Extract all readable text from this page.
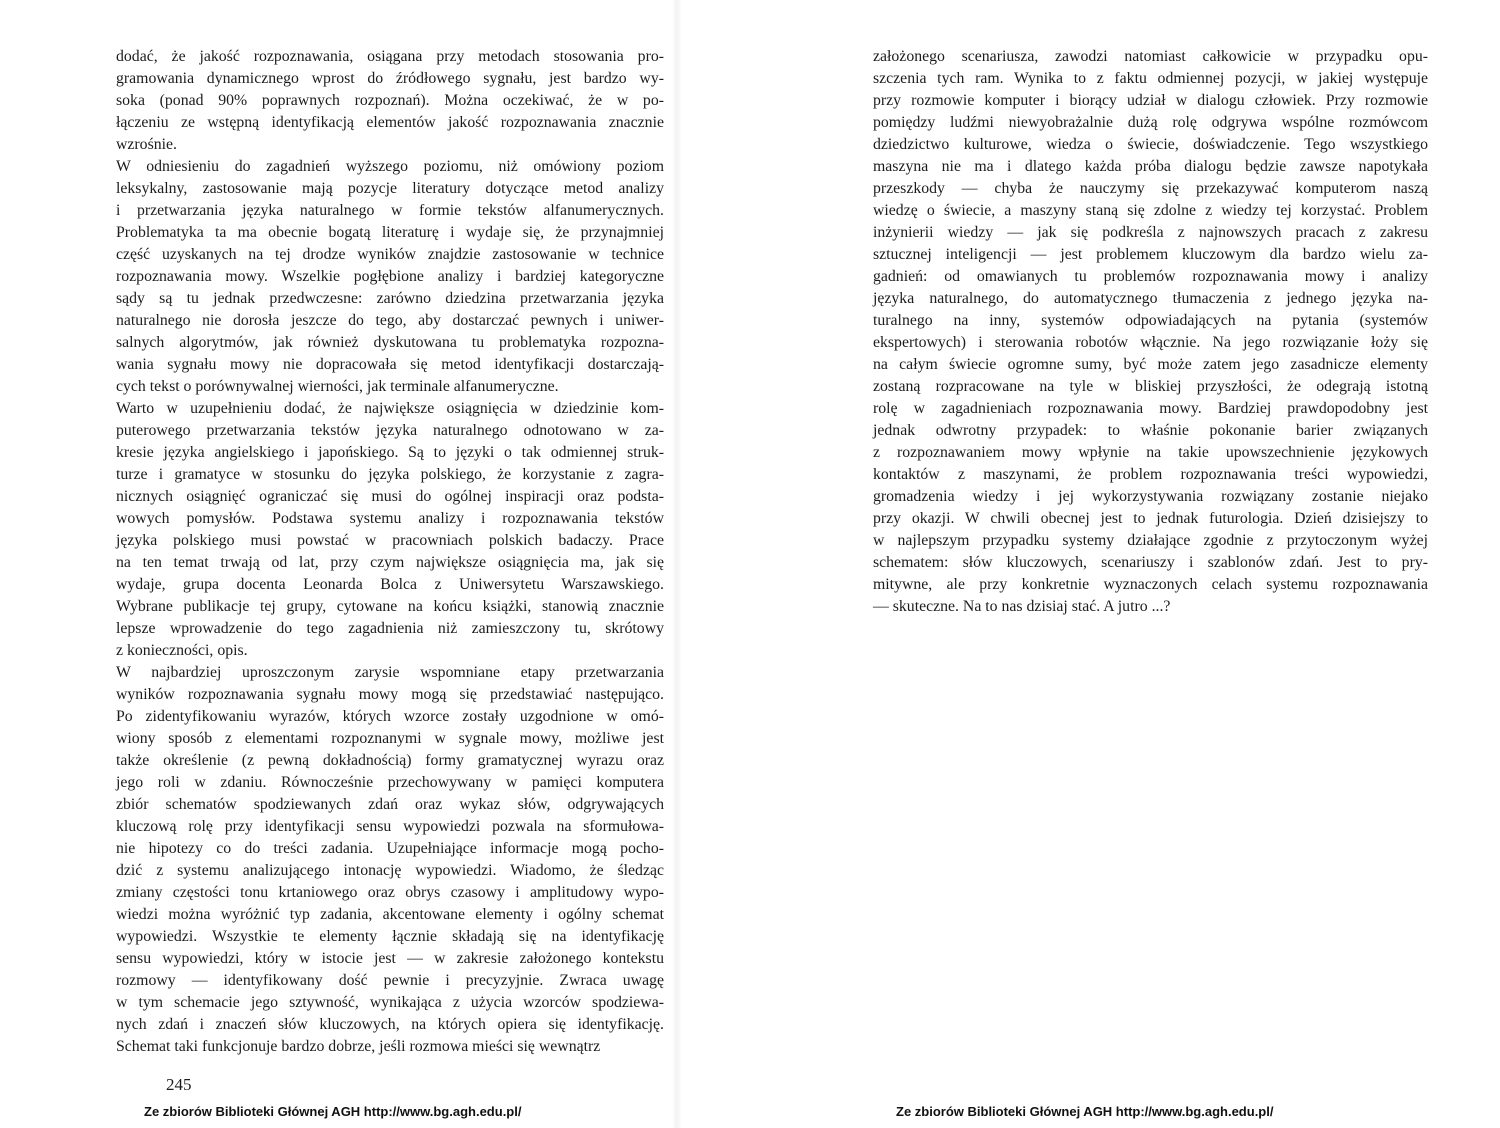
dodać, że jakość rozpoznawania, osiągana przy metodach stosowania pro-
gramowania dynamicznego wprost do źródłowego sygnału, jest bardzo wy-
soka (ponad 90% poprawnych rozpoznań). Można oczekiwać, że w po-
łączeniu ze wstępną identyfikacją elementów jakość rozpoznawania znacznie
wzrośnie.
W odniesieniu do zagadnień wyższego poziomu, niż omówiony poziom
leksykalny, zastosowanie mają pozycje literatury dotyczące metod analizy
i przetwarzania języka naturalnego w formie tekstów alfanumerycznych.
Problematyka ta ma obecnie bogatą literaturę i wydaje się, że przynajmniej
część uzyskanych na tej drodze wyników znajdzie zastosowanie w technice
rozpoznawania mowy. Wszelkie pogłębione analizy i bardziej kategoryczne
sądy są tu jednak przedwczesne: zarówno dziedzina przetwarzania języka
naturalnego nie dorosła jeszcze do tego, aby dostarczać pewnych i uniwer-
salnych algorytmów, jak również dyskutowana tu problematyka rozpozna-
wania sygnału mowy nie dopracowała się metod identyfikacji dostarczają-
cych tekst o porównywalnej wierności, jak terminale alfanumeryczne.
Warto w uzupełnieniu dodać, że największe osiągnięcia w dziedzinie kom-
puterowego przetwarzania tekstów języka naturalnego odnotowano w za-
kresie języka angielskiego i japońskiego. Są to języki o tak odmiennej struk-
turze i gramatyce w stosunku do języka polskiego, że korzystanie z zagra-
nicznych osiągnięć ograniczać się musi do ogólnej inspiracji oraz podsta-
wowych pomysłów. Podstawa systemu analizy i rozpoznawania tekstów
języka polskiego musi powstać w pracowniach polskich badaczy. Prace
na ten temat trwają od lat, przy czym największe osiągnięcia ma, jak się
wydaje, grupa docenta Leonarda Bolca z Uniwersytetu Warszawskiego.
Wybrane publikacje tej grupy, cytowane na końcu książki, stanowią znacznie
lepsze wprowadzenie do tego zagadnienia niż zamieszczony tu, skrótowy
z konieczności, opis.
W najbardziej uproszczonym zarysie wspomniane etapy przetwarzania
wyników rozpoznawania sygnału mowy mogą się przedstawiać następująco.
Po zidentyfikowaniu wyrazów, których wzorce zostały uzgodnione w omó-
wiony sposób z elementami rozpoznanymi w sygnale mowy, możliwe jest
także określenie (z pewną dokładnością) formy gramatycznej wyrazu oraz
jego roli w zdaniu. Równocześnie przechowywany w pamięci komputera
zbiór schematów spodziewanych zdań oraz wykaz słów, odgrywających
kluczową rolę przy identyfikacji sensu wypowiedzi pozwala na sformułowa-
nie hipotezy co do treści zadania. Uzupełniające informacje mogą pocho-
dzić z systemu analizującego intonację wypowiedzi. Wiadomo, że śledząc
zmiany częstości tonu krtaniowego oraz obrys czasowy i amplitudowy wypo-
wiedzi można wyróżnić typ zadania, akcentowane elementy i ogólny schemat
wypowiedzi. Wszystkie te elementy łącznie składają się na identyfikację
sensu wypowiedzi, który w istocie jest — w zakresie założonego kontekstu
rozmowy — identyfikowany dość pewnie i precyzyjnie. Zwraca uwagę
w tym schemacie jego sztywność, wynikająca z użycia wzorców spodziewa-
nych zdań i znaczeń słów kluczowych, na których opiera się identyfikację.
Schemat taki funkcjonuje bardzo dobrze, jeśli rozmowa mieści się wewnątrz
245
Ze zbiorów Biblioteki Głównej AGH http://www.bg.agh.edu.pl/
założonego scenariusza, zawodzi natomiast całkowicie w przypadku opu-
szczenia tych ram. Wynika to z faktu odmiennej pozycji, w jakiej występuje
przy rozmowie komputer i biorący udział w dialogu człowiek. Przy rozmowie
pomiędzy ludźmi niewyobrażalnie dużą rolę odgrywa wspólne rozmówcom
dziedzictwo kulturowe, wiedza o świecie, doświadczenie. Tego wszystkiego
maszyna nie ma i dlatego każda próba dialogu będzie zawsze napotykała
przeszkody — chyba że nauczymy się przekazywać komputerom naszą
wiedzę o świecie, a maszyny staną się zdolne z wiedzy tej korzystać. Problem
inżynierii wiedzy — jak się podkreśla z najnowszych pracach z zakresu
sztucznej inteligencji — jest problemem kluczowym dla bardzo wielu za-
gadnień: od omawianych tu problemów rozpoznawania mowy i analizy
języka naturalnego, do automatycznego tłumaczenia z jednego języka na-
turalnego na inny, systemów odpowiadających na pytania (systemów
ekspertowych) i sterowania robotów włącznie. Na jego rozwiązanie łoży się
na całym świecie ogromne sumy, być może zatem jego zasadnicze elementy
zostaną rozpracowane na tyle w bliskiej przyszłości, że odegrają istotną
rolę w zagadnieniach rozpoznawania mowy. Bardziej prawdopodobny jest
jednak odwrotny przypadek: to właśnie pokonanie barier związanych
z rozpoznawaniem mowy wpłynie na takie upowszechnienie językowych
kontaktów z maszynami, że problem rozpoznawania treści wypowiedzi,
gromadzenia wiedzy i jej wykorzystywania rozwiązany zostanie niejako
przy okazji. W chwili obecnej jest to jednak futurologia. Dzień dzisiejszy to
w najlepszym przypadku systemy działające zgodnie z przytoczonym wyżej
schematem: słów kluczowych, scenariuszy i szablonów zdań. Jest to pry-
mitywne, ale przy konkretnie wyznaczonych celach systemu rozpoznawania
— skuteczne. Na to nas dzisiaj stać. A jutro ...?
Ze zbiorów Biblioteki Głównej AGH http://www.bg.agh.edu.pl/
